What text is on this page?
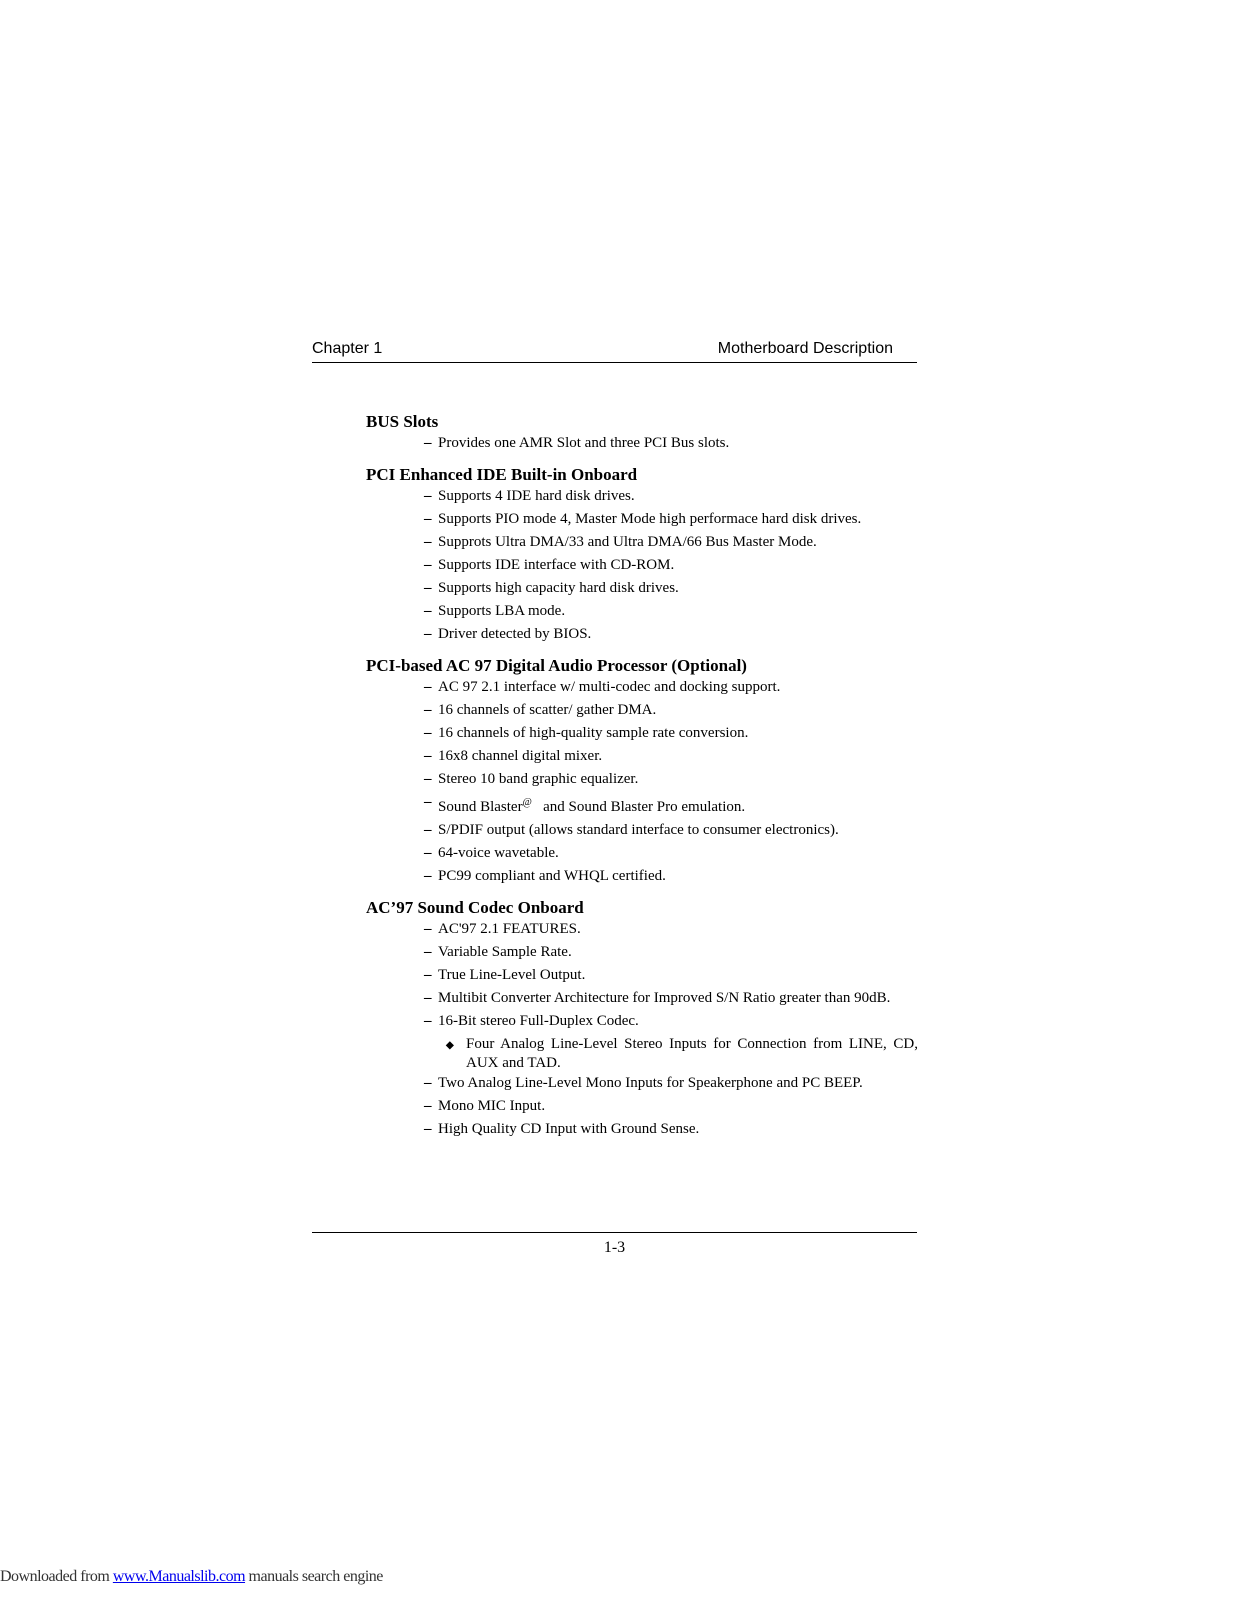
Chapter 1	Motherboard Description
BUS Slots
– Provides one AMR Slot and three PCI Bus slots.
PCI Enhanced IDE Built-in Onboard
– Supports 4 IDE hard disk drives.
– Supports PIO mode 4, Master Mode high performace hard disk drives.
– Supprots Ultra DMA/33 and Ultra DMA/66 Bus Master Mode.
– Supports IDE interface with CD-ROM.
– Supports high capacity hard disk drives.
– Supports LBA mode.
– Driver detected by BIOS.
PCI-based AC 97 Digital Audio Processor (Optional)
– AC 97 2.1 interface w/ multi-codec and docking support.
– 16 channels of scatter/ gather DMA.
– 16 channels of high-quality sample rate conversion.
– 16x8 channel digital mixer.
– Stereo 10 band graphic equalizer.
– Sound Blaster@   and Sound Blaster Pro emulation.
– S/PDIF output (allows standard interface to consumer electronics).
– 64-voice wavetable.
– PC99 compliant and WHQL certified.
AC’97 Sound Codec Onboard
– AC'97 2.1 FEATURES.
– Variable Sample Rate.
– True Line-Level Output.
– Multibit Converter Architecture for Improved S/N Ratio greater than 90dB.
– 16-Bit stereo Full-Duplex Codec.
◆ Four Analog Line-Level Stereo Inputs for Connection from LINE, CD, AUX and TAD.
– Two Analog Line-Level Mono Inputs for Speakerphone and PC BEEP.
– Mono MIC Input.
– High Quality CD Input with Ground Sense.
1-3
Downloaded from www.Manualslib.com manuals search engine
